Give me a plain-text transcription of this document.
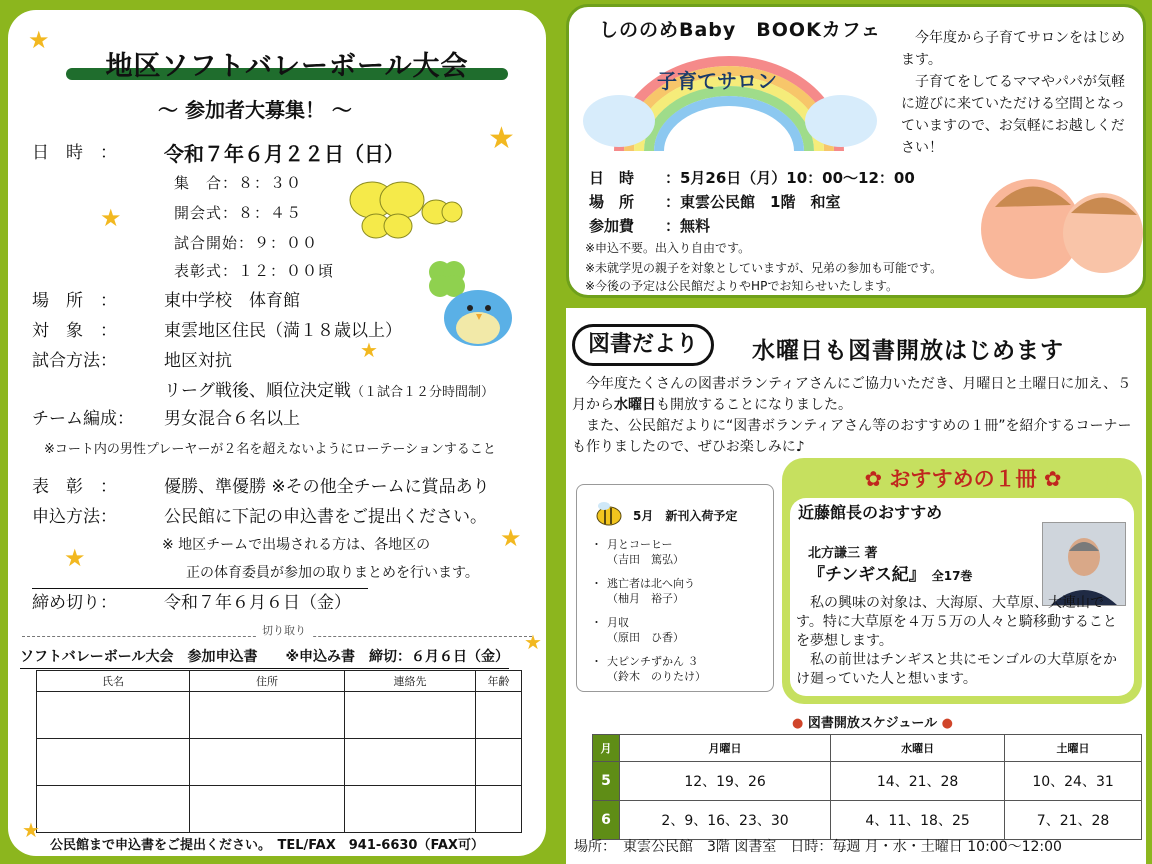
★
地区ソフトバレーボール大会
～ 参加者大募集！ ～
★
日　時　：	令和７年６月２２日（日）
集　合：８：３０
開会式：８：４５
試合開始：９：００
表彰式：１２：００頃
★
場　所　：	東中学校　体育館
対　象　：	東雲地区住民（満１８歳以上）
★
試合方法：	地区対抗
リーグ戦後、順位決定戦（１試合１２分時間制）
チーム編成：	男女混合６名以上
※コート内の男性プレーヤーが２名を超えないようにローテーションすること
表　彰　：	優勝、準優勝 ※その他全チームに賞品あり
申込方法：	公民館に下記の申込書をご提出ください。
★
※ 地区チームで出場される方は、各地区の
★
正の体育委員が参加の取りまとめを行います。
締め切り：	令和７年６月６日（金）
切り取り
ソフトバレーボール大会　参加申込書　　※申込み書　締切：６月６日（金）
★
氏名	住所	連絡先	年齢

★
公民館まで申込書をご提出ください。　TEL/FAX　941-6630（FAX可）
しののめBaby　BOOKカフェ
子育てサロン
今年度から子育てサロンをはじめます。
子育てをしてるママやパパが気軽に遊びに来ていただける空間となっていますので、お気軽にお越しください！
日　時 ：5月26日（月）10：00～12：00
場　所 ：東雲公民館　1階　和室
参加費 ：無料
※申込不要。出入り自由です。
※未就学児の親子を対象としていますが、兄弟の参加も可能です。
※今後の予定は公民館だよりやHPでお知らせいたします。
図書だより	水曜日も図書開放はじめます
今年度たくさんの図書ボランティアさんにご協力いただき、月曜日と土曜日に加え、５月から水曜日も開放することになりました。
また、公民館だよりに“図書ボランティアさん等のおすすめの１冊”を紹介するコーナーも作りましたので、ぜひお楽しみに♪
5月　新刊入荷予定
・ 月とコーヒー
（吉田　篤弘）
・ 逃亡者は北へ向う
（柚月　裕子）
・ 月収
（原田　ひ香）
・ 大ピンチずかん ３
（鈴木　のりたけ）
✿ おすすめの１冊 ✿
近藤館長のおすすめ
北方謙三 著
『チンギス紀』 全17巻
私の興味の対象は、大海原、大草原、大連山です。特に大草原を４万５万の人々と騎移動することを夢想します。
私の前世はチンギスと共にモンゴルの大草原をかけ廻っていた人と想います。
● 図書開放スケジュール ●
月	月曜日	水曜日	土曜日
5	12、19、26	14、21、28	10、24、31
6	2、9、16、23、30	4、11、18、25	7、21、28
場所：　東雲公民館　3階 図書室　日時：毎週 月・水・土曜日 10:00～12:00
